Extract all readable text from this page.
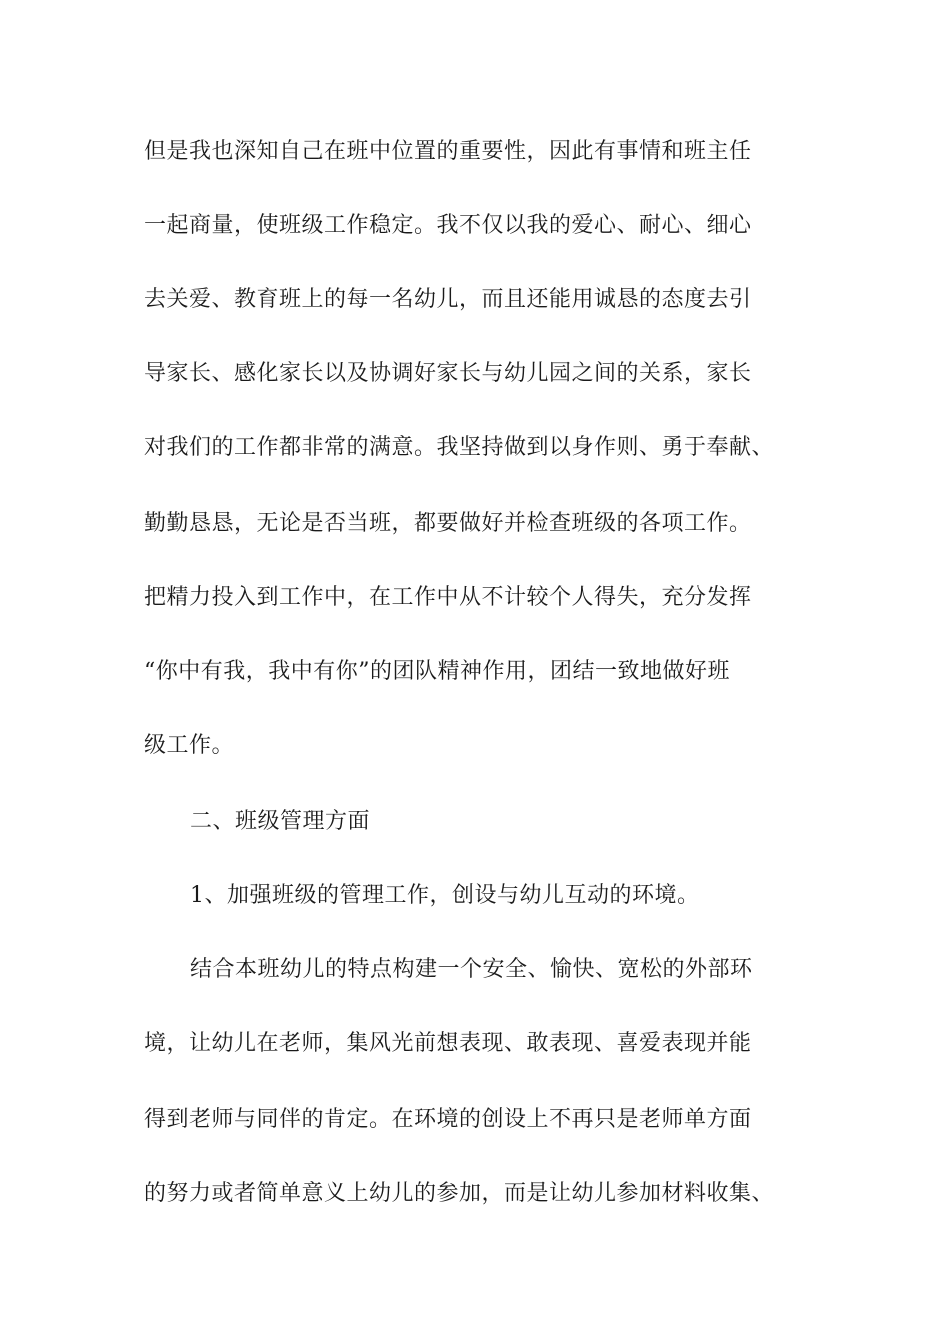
但是我也深知自己在班中位置的重要性，因此有事情和班主任
一起商量，使班级工作稳定。我不仅以我的爱心、耐心、细心
去关爱、教育班上的每一名幼儿，而且还能用诚恳的态度去引
导家长、感化家长以及协调好家长与幼儿园之间的关系，家长
对我们的工作都非常的满意。我坚持做到以身作则、勇于奉献、
勤勤恳恳，无论是否当班，都要做好并检查班级的各项工作。
把精力投入到工作中，在工作中从不计较个人得失，充分发挥
“你中有我，我中有你”的团队精神作用，团结一致地做好班
级工作。
二、班级管理方面
1、加强班级的管理工作，创设与幼儿互动的环境。
结合本班幼儿的特点构建一个安全、愉快、宽松的外部环
境，让幼儿在老师，集风光前想表现、敢表现、喜爱表现并能
得到老师与同伴的肯定。在环境的创设上不再只是老师单方面
的努力或者简单意义上幼儿的参加，而是让幼儿参加材料收集、
